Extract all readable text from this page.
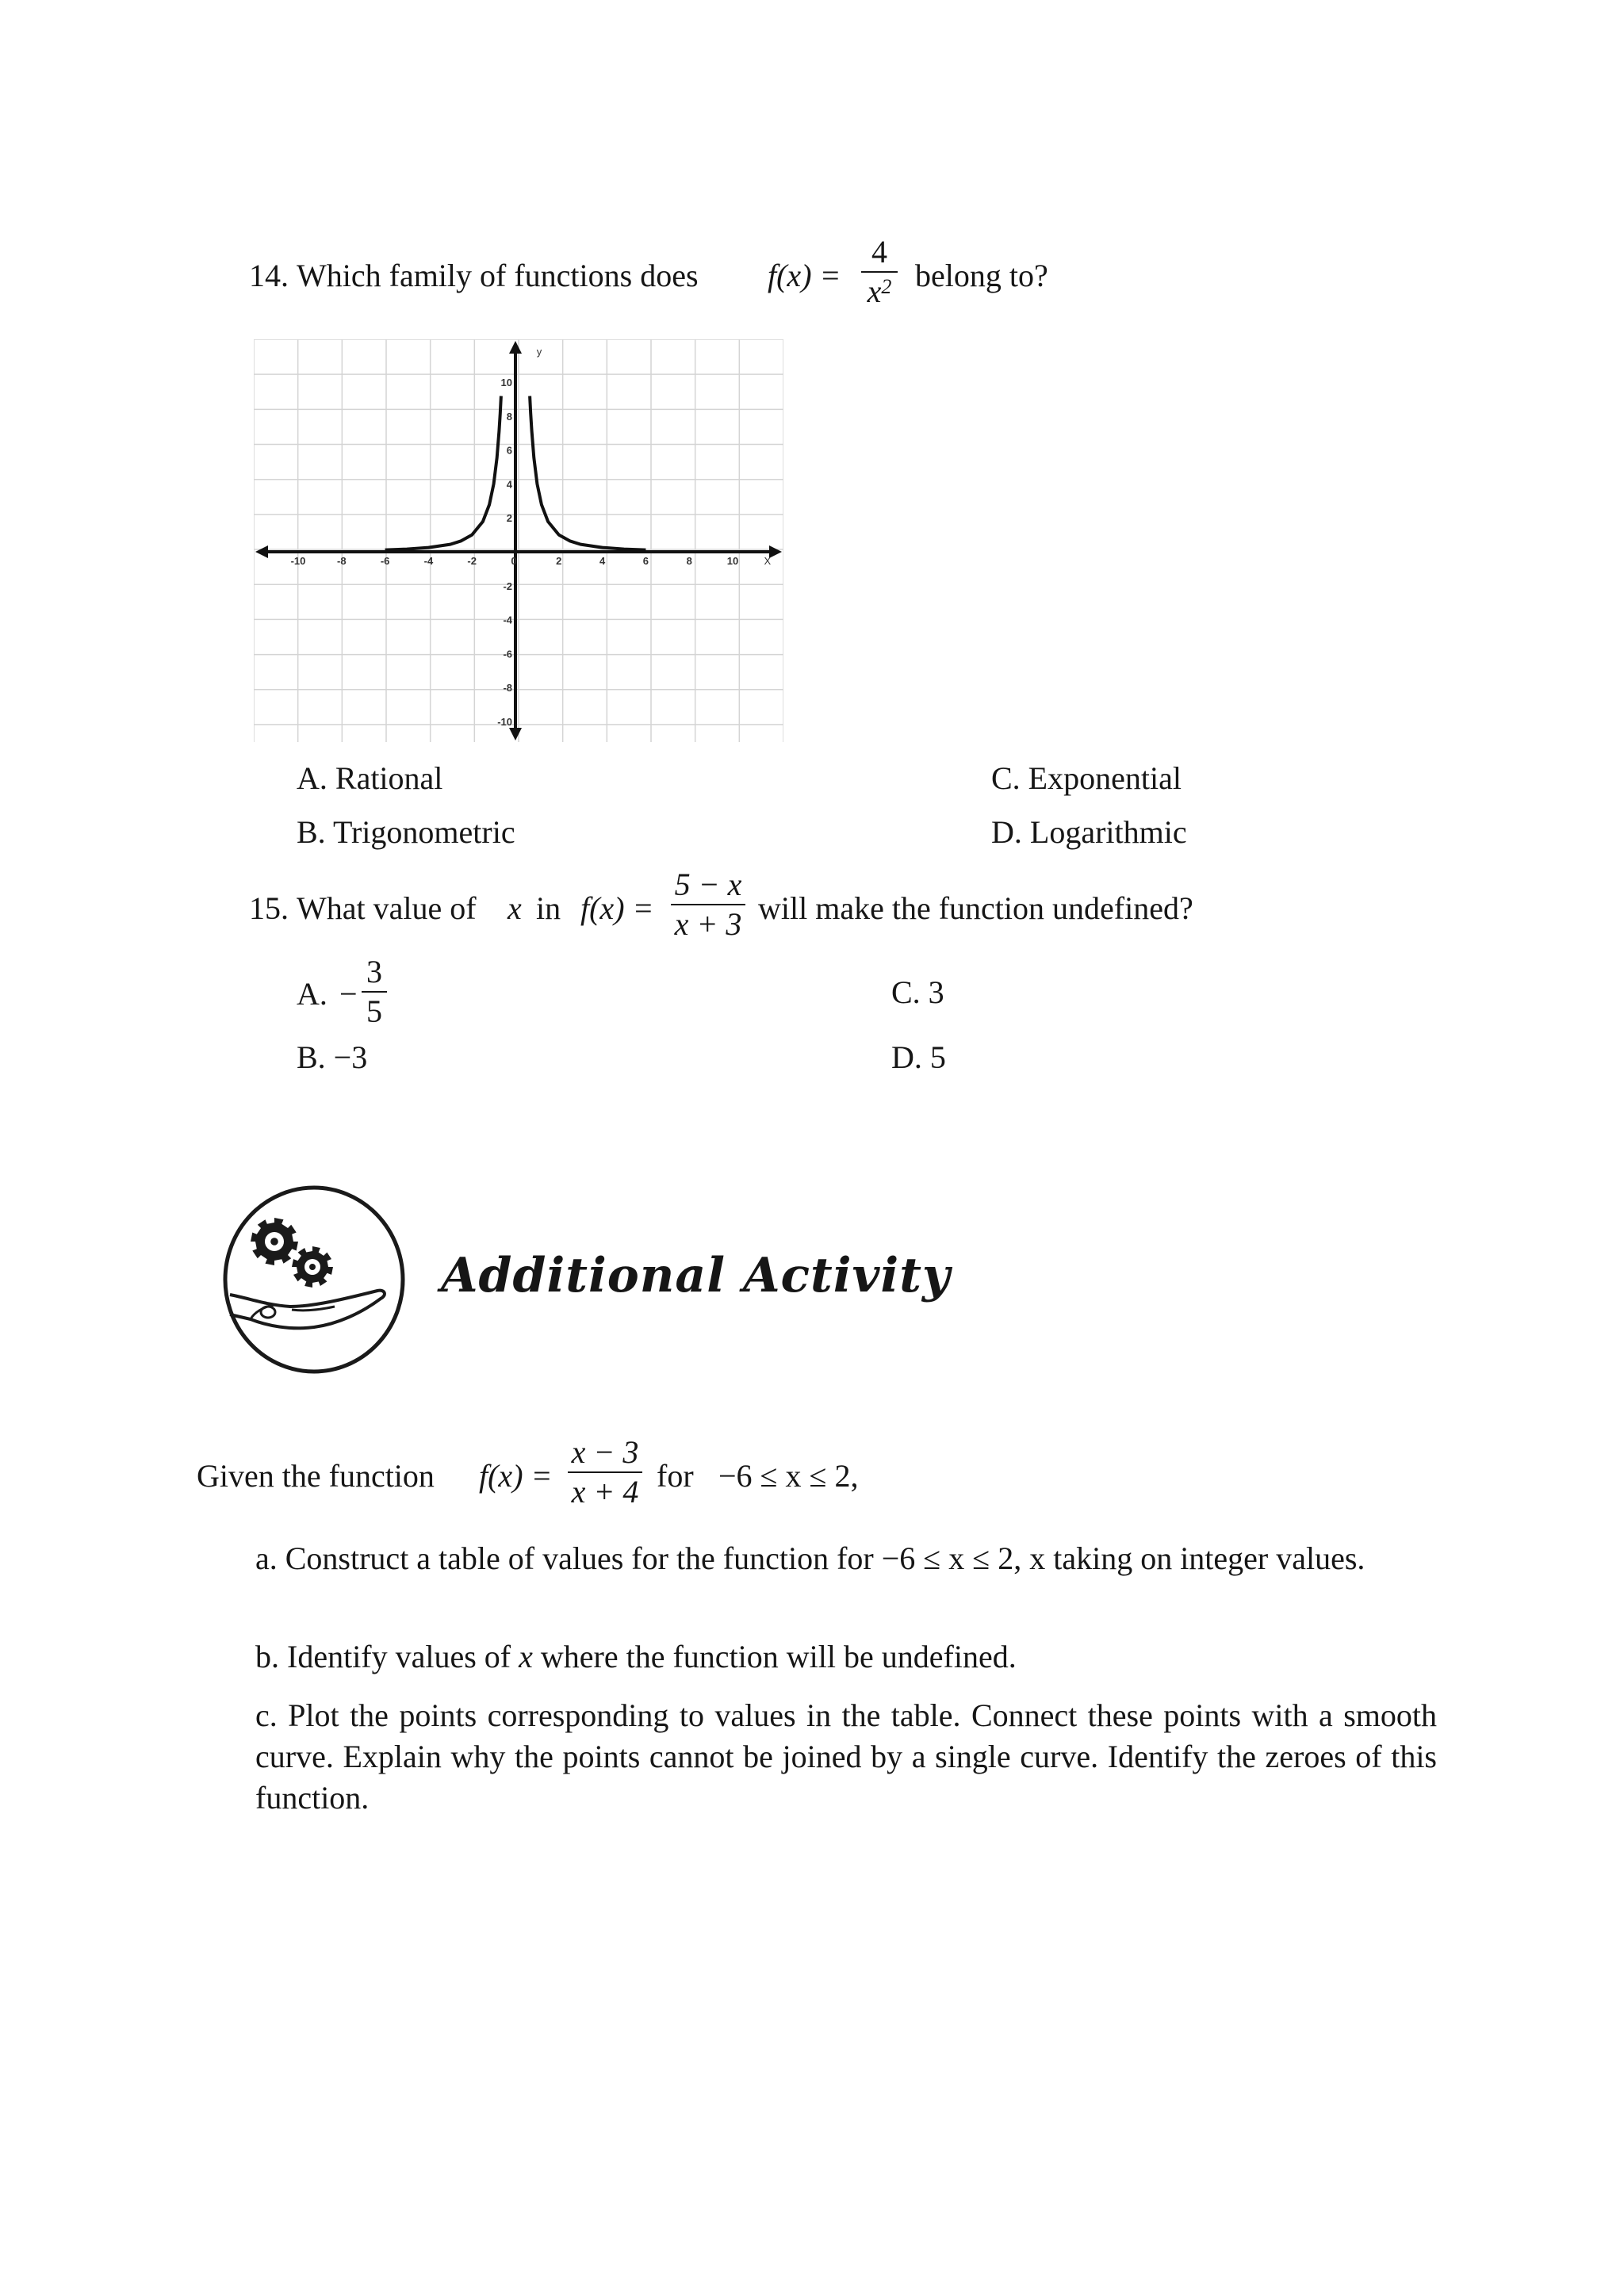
14. Which family of functions does f(x) =
4
$x^2$ belong to?
-10	-8	-6	-4	-2	0	2	4	6	8	10 X
10
8
6
4
2
-2
-4
-6
-8
-10
y
A. Rational
B. Trigonometric
C. Exponential
D. Logarithmic
15. What value of x in f(x) =
5 − x
x + 3 will make the function undefined?
A. −
3
5
B. −3
C. 3
D. 5
Additional Activity
Given the function f(x) =
x − 3
x + 4 for −6 ≤ x ≤ 2,
a. Construct a table of values for the function for −6 ≤ x ≤ 2, x taking on integer values.
b. Identify values of x where the function will be undefined.
c. Plot the points corresponding to values in the table. Connect these points with a smooth curve. Explain why the points cannot be joined by a single curve. Identify the zeroes of this function.
